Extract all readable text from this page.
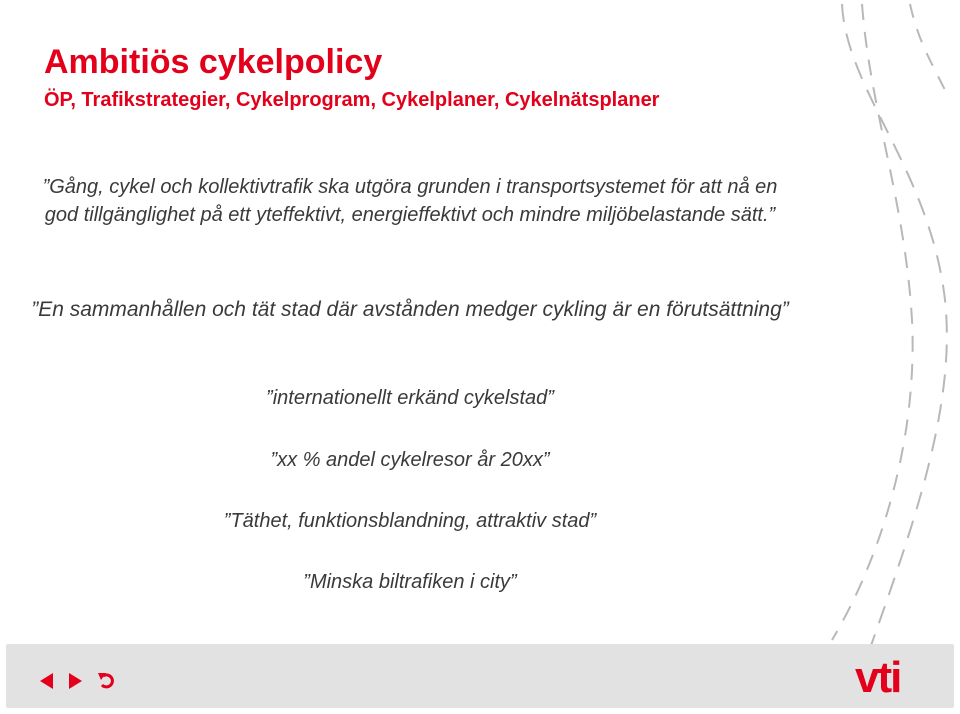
Ambitiös cykelpolicy
ÖP, Trafikstrategier, Cykelprogram, Cykelplaner, Cykelnätsplaner

”Gång, cykel och kollektivtrafik ska utgöra grunden i transportsystemet för att nå en god tillgänglighet på ett yteffektivt, energieffektivt och mindre miljöbelastande sätt.”

”En sammanhållen och tät stad där avstånden medger cykling är en förutsättning”

”internationellt erkänd cykelstad”

”xx % andel cykelresor år 20xx”

”Täthet, funktionsblandning, attraktiv stad”

”Minska biltrafiken i city”

vti
